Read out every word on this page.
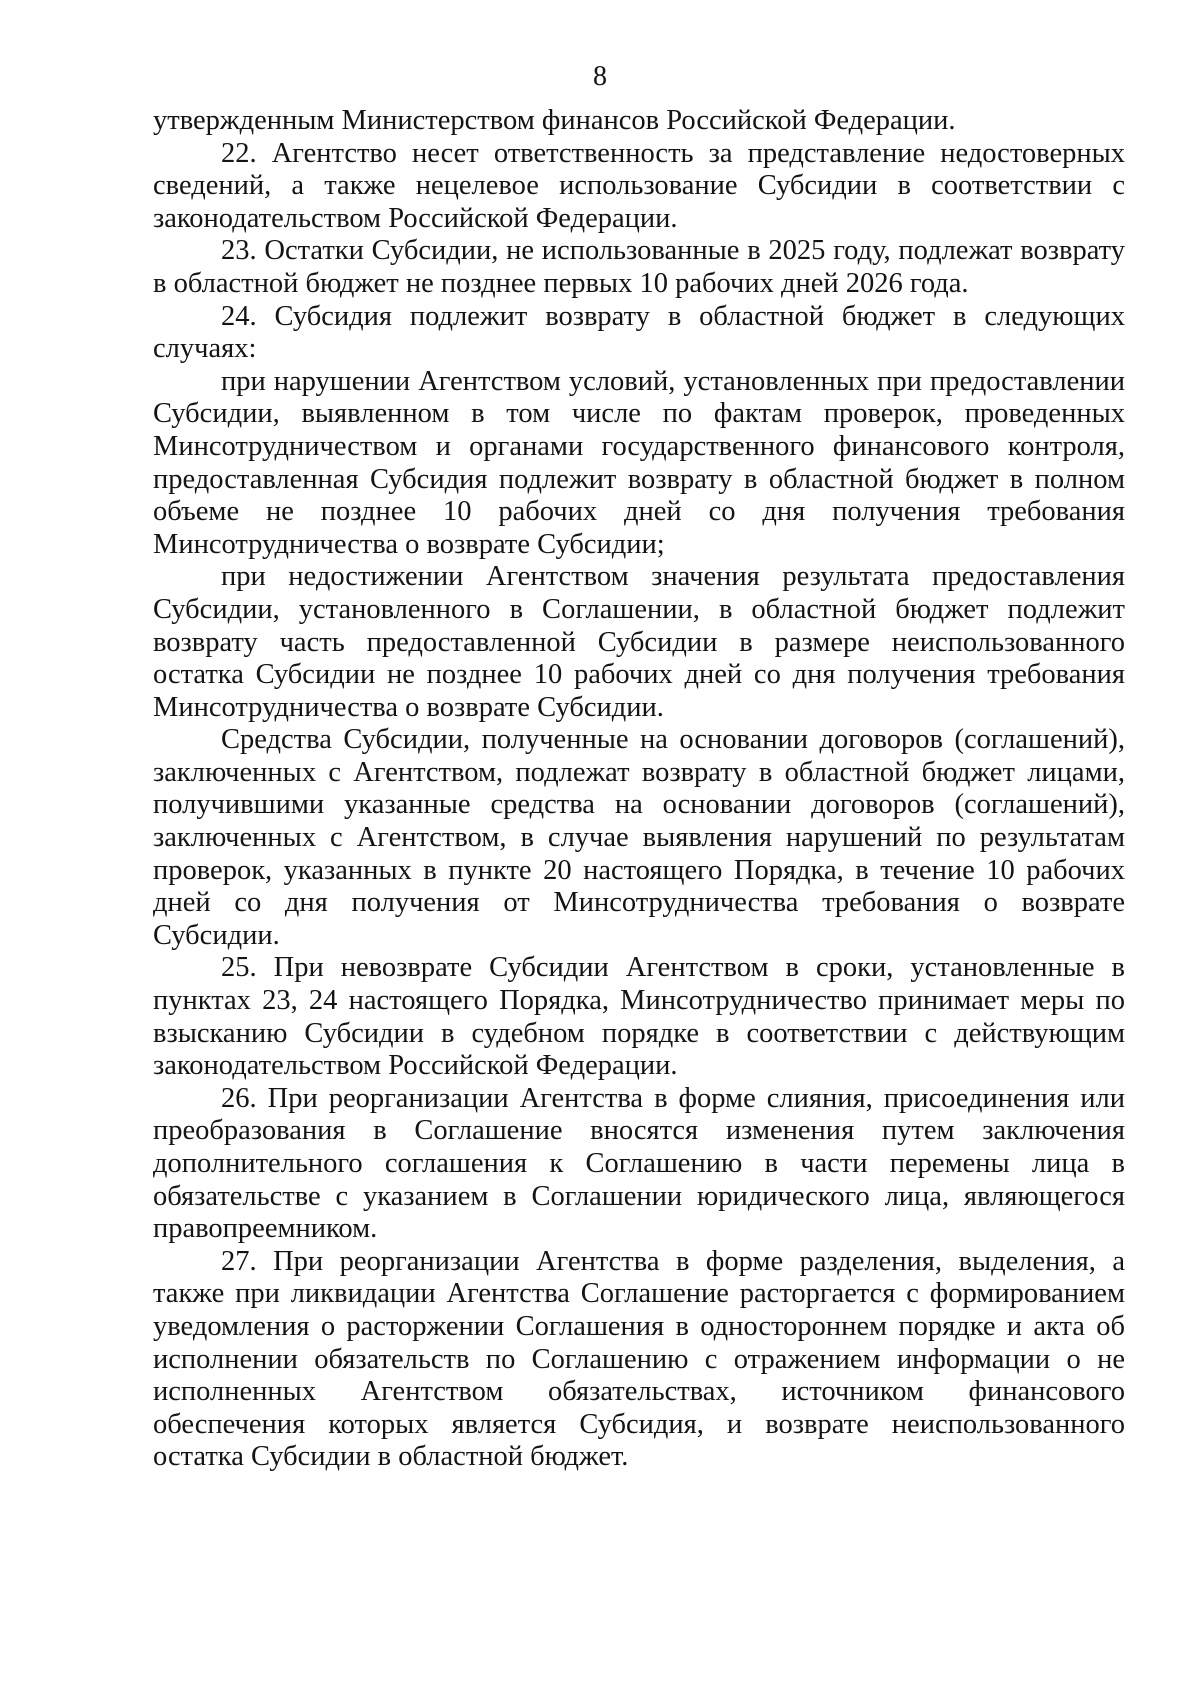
8

утвержденным Министерством финансов Российской Федерации.

22. Агентство несет ответственность за представление недостоверных сведений, а также нецелевое использование Субсидии в соответствии с законодательством Российской Федерации.

23. Остатки Субсидии, не использованные в 2025 году, подлежат возврату в областной бюджет не позднее первых 10 рабочих дней 2026 года.

24. Субсидия подлежит возврату в областной бюджет в следующих случаях:

при нарушении Агентством условий, установленных при предоставлении Субсидии, выявленном в том числе по фактам проверок, проведенных Минсотрудничеством и органами государственного финансового контроля, предоставленная Субсидия подлежит возврату в областной бюджет в полном объеме не позднее 10 рабочих дней со дня получения требования Минсотрудничества о возврате Субсидии;

при недостижении Агентством значения результата предоставления Субсидии, установленного в Соглашении, в областной бюджет подлежит возврату часть предоставленной Субсидии в размере неиспользованного остатка Субсидии не позднее 10 рабочих дней со дня получения требования Минсотрудничества о возврате Субсидии.

Средства Субсидии, полученные на основании договоров (соглашений), заключенных с Агентством, подлежат возврату в областной бюджет лицами, получившими указанные средства на основании договоров (соглашений), заключенных с Агентством, в случае выявления нарушений по результатам проверок, указанных в пункте 20 настоящего Порядка, в течение 10 рабочих дней со дня получения от Минсотрудничества требования о возврате Субсидии.

25. При невозврате Субсидии Агентством в сроки, установленные в пунктах 23, 24 настоящего Порядка, Минсотрудничество принимает меры по взысканию Субсидии в судебном порядке в соответствии с действующим законодательством Российской Федерации.

26. При реорганизации Агентства в форме слияния, присоединения или преобразования в Соглашение вносятся изменения путем заключения дополнительного соглашения к Соглашению в части перемены лица в обязательстве с указанием в Соглашении юридического лица, являющегося правопреемником.

27. При реорганизации Агентства в форме разделения, выделения, а также при ликвидации Агентства Соглашение расторгается с формированием уведомления о расторжении Соглашения в одностороннем порядке и акта об исполнении обязательств по Соглашению с отражением информации о не исполненных Агентством обязательствах, источником финансового обеспечения которых является Субсидия, и возврате неиспользованного остатка Субсидии в областной бюджет.
